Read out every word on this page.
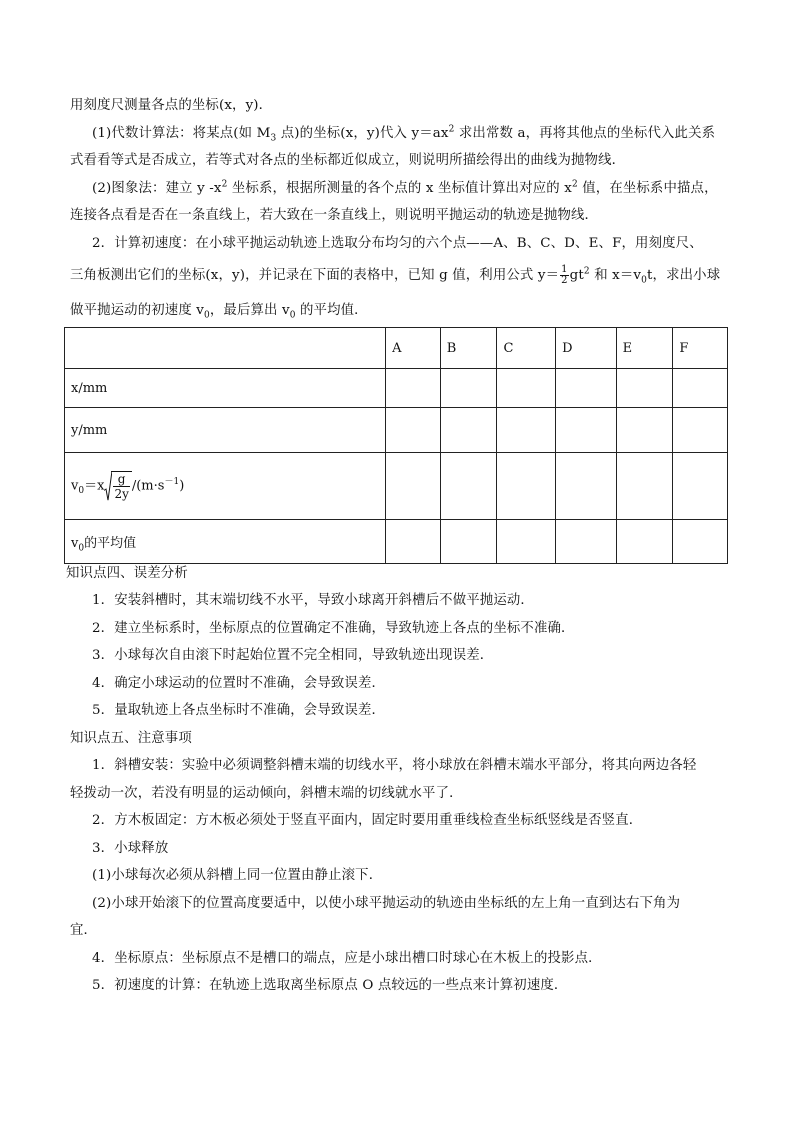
用刻度尺测量各点的坐标(x，y)．
(1)代数计算法：将某点(如 $M_3$ 点)的坐标(x，y)代入 $y=ax^2$ 求出常数 a，再将其他点的坐标代入此关系
式看看等式是否成立，若等式对各点的坐标都近似成立，则说明所描绘得出的曲线为抛物线．
(2)图象法：建立 y $-x^2$ 坐标系，根据所测量的各个点的 x 坐标值计算出对应的 $x^2$ 值，在坐标系中描点，
连接各点看是否在一条直线上，若大致在一条直线上，则说明平抛运动的轨迹是抛物线．
2．计算初速度：在小球平抛运动轨迹上选取分布均匀的六个点——A、B、C、D、E、F，用刻度尺、
三角板测出它们的坐标(x，y)，并记录在下面的表格中，已知 g 值，利用公式 $y= \frac{1}{2} gt^2$ 和 $x=v_0t$，求出小球
做平抛运动的初速度 $v_0$，最后算出 $v_0$ 的平均值．
	A	B	C	D	E	F
x/mm						
y/mm						
$v_0=x \frac{g}{2y} /(m\cdot s^{-1})$						
$v_0$的平均值						
知识点四、误差分析
1．安装斜槽时，其末端切线不水平，导致小球离开斜槽后不做平抛运动．
2．建立坐标系时，坐标原点的位置确定不准确，导致轨迹上各点的坐标不准确．
3．小球每次自由滚下时起始位置不完全相同，导致轨迹出现误差．
4．确定小球运动的位置时不准确，会导致误差．
5．量取轨迹上各点坐标时不准确，会导致误差．
知识点五、注意事项
1．斜槽安装：实验中必须调整斜槽末端的切线水平，将小球放在斜槽末端水平部分，将其向两边各轻
轻拨动一次，若没有明显的运动倾向，斜槽末端的切线就水平了．
2．方木板固定：方木板必须处于竖直平面内，固定时要用重垂线检查坐标纸竖线是否竖直．
3．小球释放
(1)小球每次必须从斜槽上同一位置由静止滚下．
(2)小球开始滚下的位置高度要适中，以使小球平抛运动的轨迹由坐标纸的左上角一直到达右下角为
宜．
4．坐标原点：坐标原点不是槽口的端点，应是小球出槽口时球心在木板上的投影点．
5．初速度的计算：在轨迹上选取离坐标原点 O 点较远的一些点来计算初速度．
